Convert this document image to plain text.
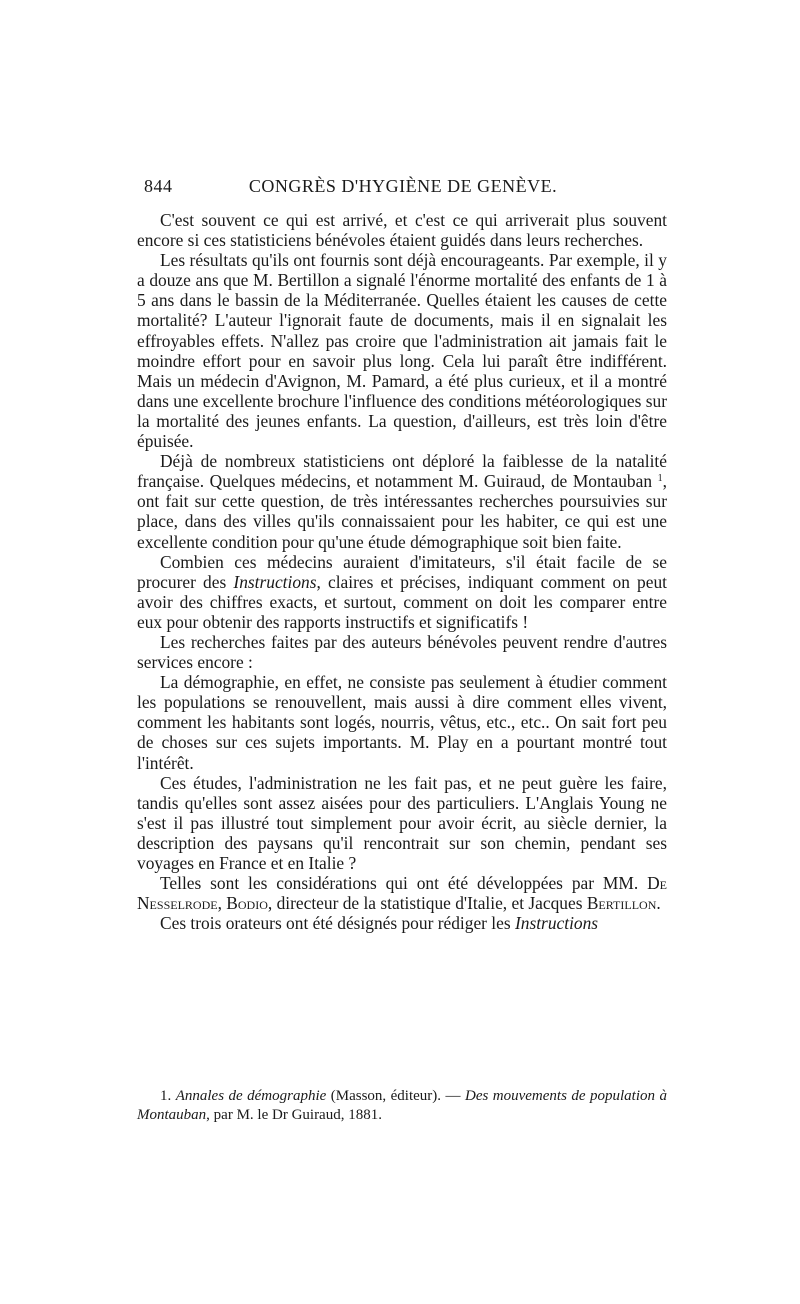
844	CONGRÈS D'HYGIÈNE DE GENÈVE.

C'est souvent ce qui est arrivé, et c'est ce qui arriverait plus souvent encore si ces statisticiens bénévoles étaient guidés dans leurs recherches.

Les résultats qu'ils ont fournis sont déjà encourageants. Par exemple, il y a douze ans que M. Bertillon a signalé l'énorme mortalité des enfants de 1 à 5 ans dans le bassin de la Méditerranée. Quelles étaient les causes de cette mortalité? L'auteur l'ignorait faute de documents, mais il en signalait les effroyables effets. N'allez pas croire que l'administration ait jamais fait le moindre effort pour en savoir plus long. Cela lui paraît être indifférent. Mais un médecin d'Avignon, M. Pamard, a été plus curieux, et il a montré dans une excellente brochure l'influence des conditions météorologiques sur la mortalité des jeunes enfants. La question, d'ailleurs, est très loin d'être épuisée.

Déjà de nombreux statisticiens ont déploré la faiblesse de la natalité française. Quelques médecins, et notamment M. Guiraud, de Montauban $^1$, ont fait sur cette question, de très intéressantes recherches poursuivies sur place, dans des villes qu'ils connaissaient pour les habiter, ce qui est une excellente condition pour qu'une étude démographique soit bien faite.

Combien ces médecins auraient d'imitateurs, s'il était facile de se procurer des Instructions, claires et précises, indiquant comment on peut avoir des chiffres exacts, et surtout, comment on doit les comparer entre eux pour obtenir des rapports instructifs et significatifs !

Les recherches faites par des auteurs bénévoles peuvent rendre d'autres services encore :

La démographie, en effet, ne consiste pas seulement à étudier comment les populations se renouvellent, mais aussi à dire comment elles vivent, comment les habitants sont logés, nourris, vêtus, etc., etc.. On sait fort peu de choses sur ces sujets importants. M. Play en a pourtant montré tout l'intérêt.

Ces études, l'administration ne les fait pas, et ne peut guère les faire, tandis qu'elles sont assez aisées pour des particuliers. L'Anglais Young ne s'est il pas illustré tout simplement pour avoir écrit, au siècle dernier, la description des paysans qu'il rencontrait sur son chemin, pendant ses voyages en France et en Italie ?

Telles sont les considérations qui ont été développées par MM. De Nesselrode, Bodio, directeur de la statistique d'Italie, et Jacques Bertillon.

Ces trois orateurs ont été désignés pour rédiger les Instructions

1. Annales de démographie (Masson, éditeur). — Des mouvements de population à Montauban, par M. le Dr Guiraud, 1881.
